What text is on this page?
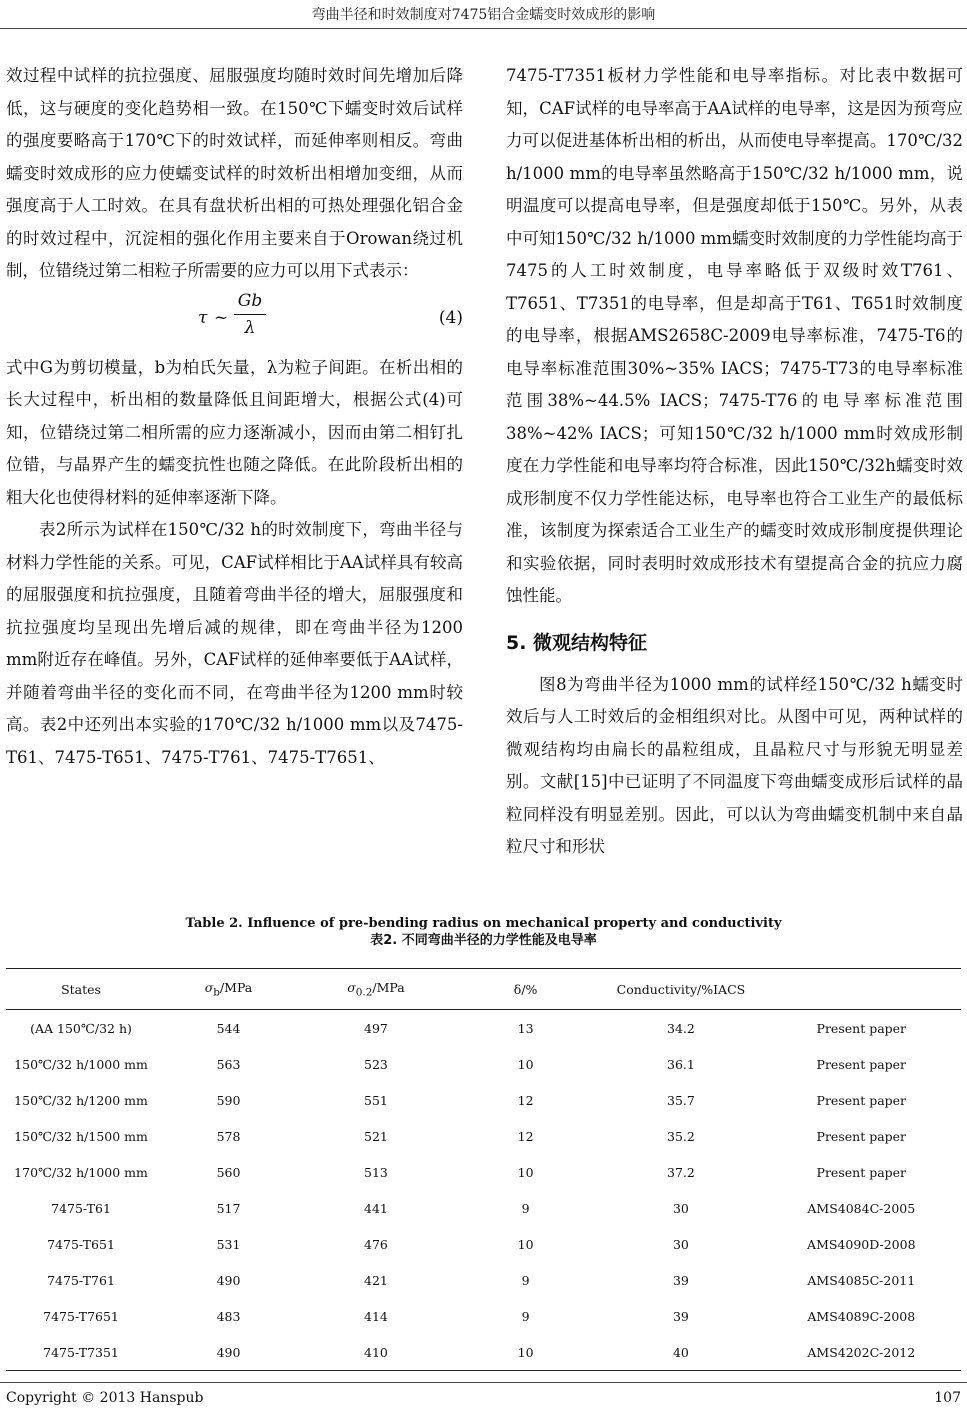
弯曲半径和时效制度对7475铝合金蠕变时效成形的影响

效过程中试样的抗拉强度、屈服强度均随时效时间先增加后降低，这与硬度的变化趋势相一致。在150℃下蠕变时效后试样的强度要略高于170℃下的时效试样，而延伸率则相反。弯曲蠕变时效成形的应力使蠕变试样的时效析出相增加变细，从而强度高于人工时效。在具有盘状析出相的可热处理强化铝合金的时效过程中，沉淀相的强化作用主要来自于Orowan绕过机制，位错绕过第二相粒子所需要的应力可以用下式表示：

τ ~ $\frac{Gb}{\lambda}$	(4)

式中G为剪切模量，b为柏氏矢量，λ为粒子间距。在析出相的长大过程中，析出相的数量降低且间距增大，根据公式(4)可知，位错绕过第二相所需的应力逐渐减小，因而由第二相钉扎位错，与晶界产生的蠕变抗性也随之降低。在此阶段析出相的粗大化也使得材料的延伸率逐渐下降。

表2所示为试样在150℃/32 h的时效制度下，弯曲半径与材料力学性能的关系。可见，CAF试样相比于AA试样具有较高的屈服强度和抗拉强度，且随着弯曲半径的增大，屈服强度和抗拉强度均呈现出先增后减的规律，即在弯曲半径为1200 mm附近存在峰值。另外，CAF试样的延伸率要低于AA试样，并随着弯曲半径的变化而不同，在弯曲半径为1200 mm时较高。表2中还列出本实验的170℃/32 h/1000 mm以及7475-T61、7475-T651、7475-T761、7475-T7651、

7475-T7351板材力学性能和电导率指标。对比表中数据可知，CAF试样的电导率高于AA试样的电导率，这是因为预弯应力可以促进基体析出相的析出，从而使电导率提高。170℃/32 h/1000 mm的电导率虽然略高于150℃/32 h/1000 mm，说明温度可以提高电导率，但是强度却低于150℃。另外，从表中可知150℃/32 h/1000 mm蠕变时效制度的力学性能均高于7475的人工时效制度，电导率略低于双级时效T761、T7651、T7351的电导率，但是却高于T61、T651时效制度的电导率，根据AMS2658C-2009电导率标准，7475-T6的电导率标准范围30%~35% IACS；7475-T73的电导率标准范围38%~44.5% IACS；7475-T76的电导率标准范围38%~42% IACS；可知150℃/32 h/1000 mm时效成形制度在力学性能和电导率均符合标准，因此150℃/32h蠕变时效成形制度不仅力学性能达标，电导率也符合工业生产的最低标准，该制度为探索适合工业生产的蠕变时效成形制度提供理论和实验依据，同时表明时效成形技术有望提高合金的抗应力腐蚀性能。

5. 微观结构特征

图8为弯曲半径为1000 mm的试样经150℃/32 h蠕变时效后与人工时效后的金相组织对比。从图中可见，两种试样的微观结构均由扁长的晶粒组成，且晶粒尺寸与形貌无明显差别。文献[15]中已证明了不同温度下弯曲蠕变成形后试样的晶粒同样没有明显差别。因此，可以认为弯曲蠕变机制中来自晶粒尺寸和形状

Table 2. Influence of pre-bending radius on mechanical property and conductivity
表2. 不同弯曲半径的力学性能及电导率
States	$\sigma_b$/MPa	$\sigma_{0.2}$/MPa	δ/%	Conductivity/%IACS	
(AA 150℃/32 h)	544	497	13	34.2	Present paper
150℃/32 h/1000 mm	563	523	10	36.1	Present paper
150℃/32 h/1200 mm	590	551	12	35.7	Present paper
150℃/32 h/1500 mm	578	521	12	35.2	Present paper
170℃/32 h/1000 mm	560	513	10	37.2	Present paper
7475-T61	517	441	9	30	AMS4084C-2005
7475-T651	531	476	10	30	AMS4090D-2008
7475-T761	490	421	9	39	AMS4085C-2011
7475-T7651	483	414	9	39	AMS4089C-2008
7475-T7351	490	410	10	40	AMS4202C-2012
Copyright © 2013 Hanspub	107
